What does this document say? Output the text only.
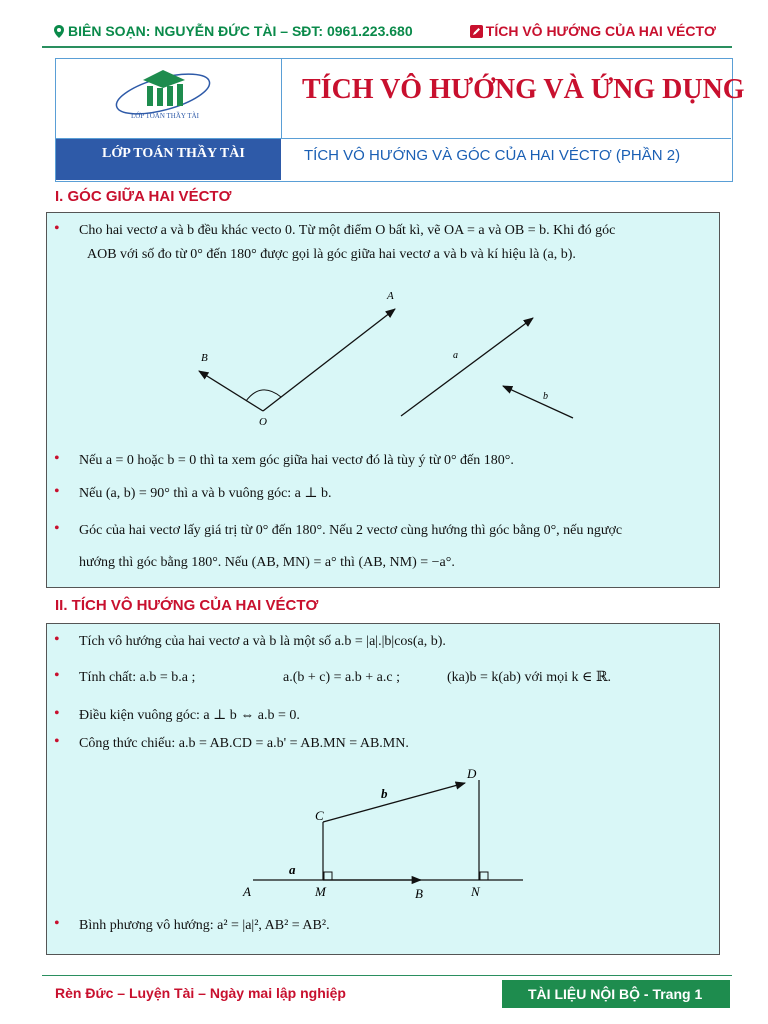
BIÊN SOẠN: NGUYỄN ĐỨC TÀI – SĐT: 0961.223.680	TÍCH VÔ HƯỚNG CỦA HAI VÉCTƠ
LỚP TOÁN THẦY TÀI
TÍCH VÔ HƯỚNG VÀ ỨNG DỤNG
LỚP TOÁN THẦY TÀI	TÍCH VÔ HƯỚNG VÀ GÓC CỦA HAI VÉCTƠ (PHẦN 2)
I. GÓC GIỮA HAI VÉCTƠ
• Cho hai vectơ a và b đều khác vecto 0. Từ một điểm O bất kì, vẽ OA = a và OB = b. Khi đó góc
AOB với số đo từ 0° đến 180° được gọi là góc giữa hai vectơ a và b và kí hiệu là (a, b).
A
B
O
a
b
• Nếu a = 0 hoặc b = 0 thì ta xem góc giữa hai vectơ đó là tùy ý từ 0° đến 180°.
• Nếu (a, b) = 90° thì a và b vuông góc: a ⊥ b.
• Góc của hai vectơ lấy giá trị từ 0° đến 180°. Nếu 2 vectơ cùng hướng thì góc bằng 0°, nếu ngược
hướng thì góc bằng 180°. Nếu (AB, MN) = a° thì (AB, NM) = −a°.
II. TÍCH VÔ HƯỚNG CỦA HAI VÉCTƠ
• Tích vô hướng của hai vectơ a và b là một số a.b = |a|.|b|cos(a, b).
• Tính chất: a.b = b.a ;	a.(b + c) = a.b + a.c ;	(ka)b = k(ab) với mọi k ∈ ℝ.
• Điều kiện vuông góc: a ⊥ b ⇔ a.b = 0.
• Công thức chiếu: a.b = AB.CD = a.b' = AB.MN = AB.MN.
A	M	B	N
C
D
a
b
• Bình phương vô hướng: a² = |a|², AB² = AB².
Rèn Đức – Luyện Tài – Ngày mai lập nghiệp	TÀI LIỆU NỘI BỘ - Trang 1
